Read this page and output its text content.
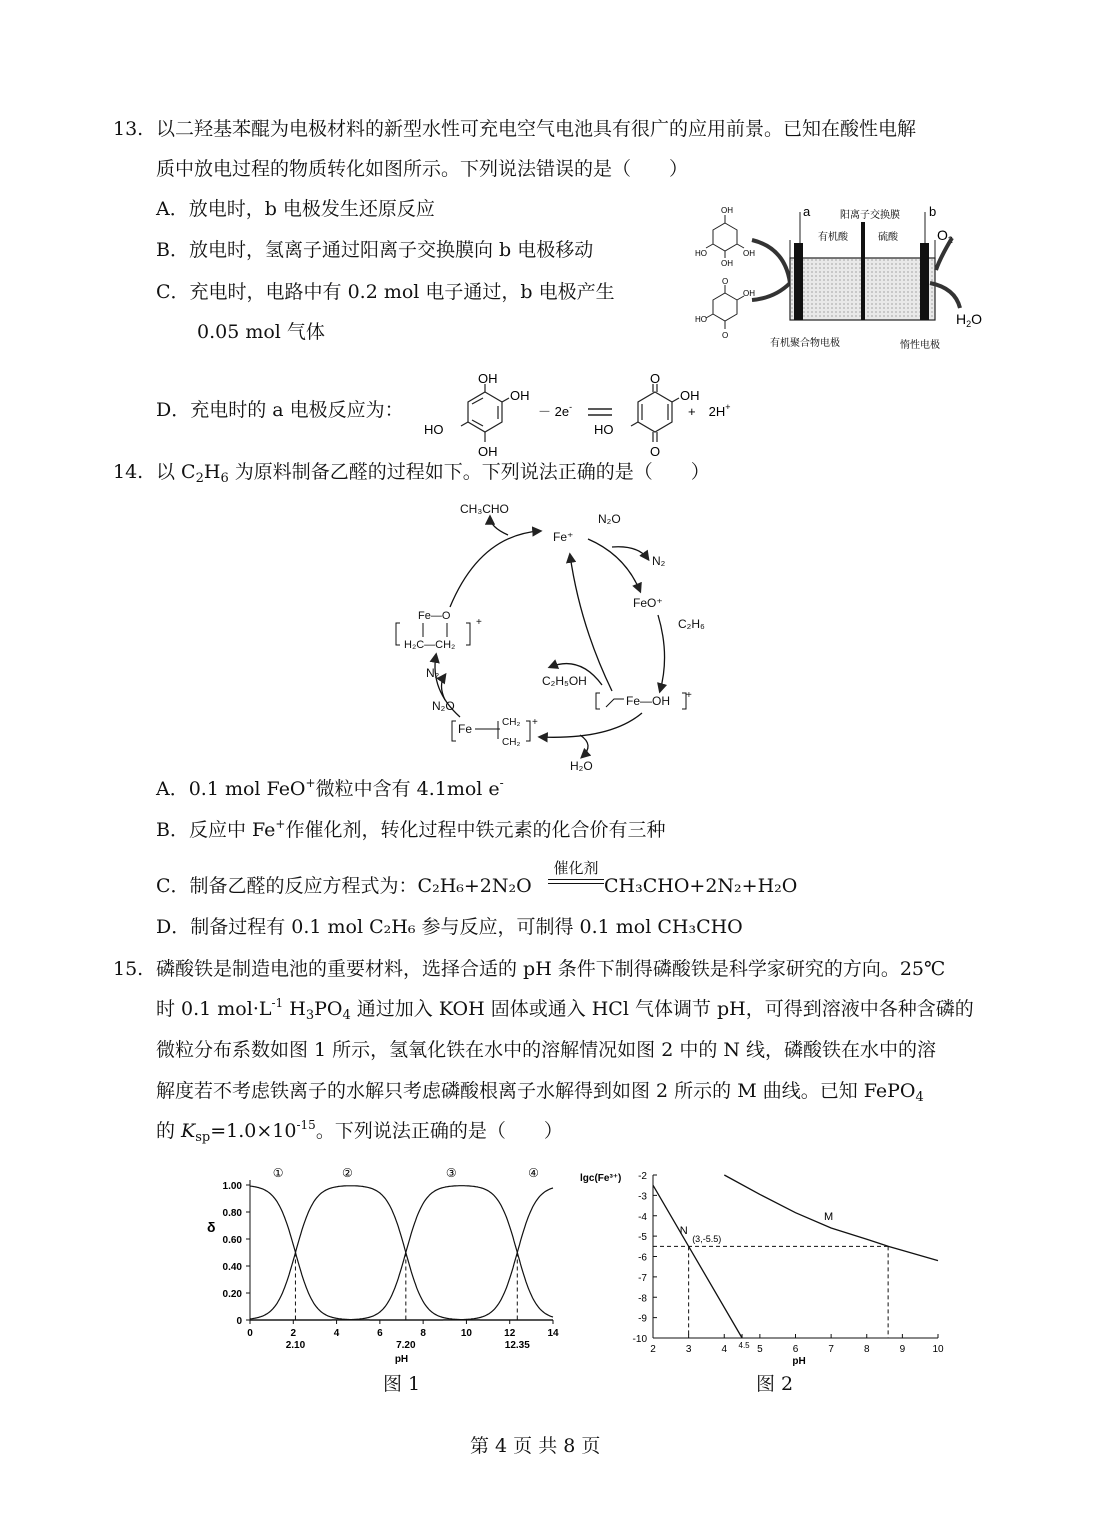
13. 以二羟基苯醌为电极材料的新型水性可充电空气电池具有很广的应用前景。已知在酸性电解
质中放电过程的物质转化如图所示。下列说法错误的是（　　）
A．放电时，b 电极发生还原反应
B．放电时，氢离子通过阳离子交换膜向 b 电极移动
C．充电时，电路中有 0.2 mol 电子通过，b 电极产生
0.05 mol 气体
D．充电时的 a 电极反应为：
OH
OH
HO
OH
O
OH
HO
O
a	b
阳离子交换膜
有机酸	硫酸
有机聚合物电极	惰性电极
$O_2$
$H_2O$
OH
OH
HO
OH
－ 2e-
O
OH
HO
O
+　2H+
14. 以 $C_2H_6$ 为原料制备乙醛的过程如下。下列说法正确的是（　　）
CH₃CHO
Fe⁺
N₂O
N₂
FeO⁺
C₂H₆
C₂H₅OH
Fe—OH +
H₂O
Fe	CH₂
CH₂
+
N₂O
N₂
Fe—O
H₂C—CH₂
+
A．0.1 mol FeO+微粒中含有 4.1mol e-
B．反应中 Fe+作催化剂，转化过程中铁元素的化合价有三种
C．制备乙醛的反应方程式为：C₂H₆+2N₂O
催化剂
CH₃CHO+2N₂+H₂O
D．制备过程有 0.1 mol C₂H₆ 参与反应，可制得 0.1 mol CH₃CHO
15. 磷酸铁是制造电池的重要材料，选择合适的 pH 条件下制得磷酸铁是科学家研究的方向。25℃
时 0.1 $mol\cdot L^{-1}$ $H_3PO_4$ 通过加入 KOH 固体或通入 HCl 气体调节 pH，可得到溶液中各种含磷的
微粒分布系数如图 1 所示，氢氧化铁在水中的溶解情况如图 2 中的 N 线，磷酸铁在水中的溶
解度若不考虑铁离子的水解只考虑磷酸根离子水解得到如图 2 所示的 M 曲线。已知 FePO$_4$
的 $K_{sp}=1.0\times 10^{-15}$。下列说法正确的是（　　）
0
0.20
0.40
0.60
0.80
1.00
0	2	4	6	8	10	12	14
δ
pH
①	②	③	④
2.10	7.20	12.35
图 1
-2
-3
-4
-5
-6
-7
-8
-9
-10
2	3	4 4.5 5	6	7	8	9	10
lgc(Fe³⁺)
pH
N
(3,-5.5)
M
图 2
第 4 页 共 8 页
